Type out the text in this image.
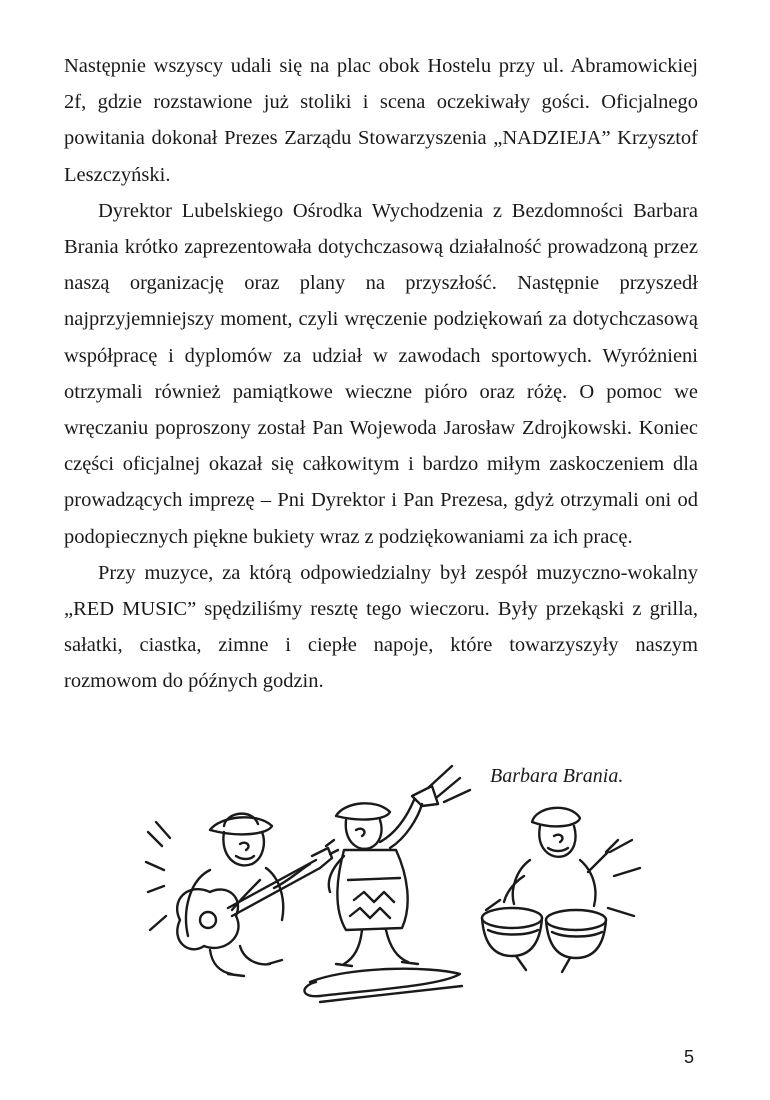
Następnie wszyscy udali się na plac obok Hostelu przy ul. Abramowickiej 2f, gdzie rozstawione już stoliki i scena oczekiwały gości. Oficjalnego powitania dokonał Prezes Zarządu Stowarzyszenia „NADZIEJA” Krzysztof Leszczyński.

Dyrektor Lubelskiego Ośrodka Wychodzenia z Bezdomności Barbara Brania krótko zaprezentowała dotychczasową działalność prowadzoną przez naszą organizację oraz plany na przyszłość. Następnie przyszedł najprzyjemniejszy moment, czyli wręczenie podziękowań za dotychczasową współpracę i dyplomów za udział w zawodach sportowych. Wyróżnieni otrzymali również pamiątkowe wieczne pióro oraz różę. O pomoc we wręczaniu poproszony został Pan Wojewoda Jarosław Zdrojkowski. Koniec części oficjalnej okazał się całkowitym i bardzo miłym zaskoczeniem dla prowadzących imprezę – Pni Dyrektor i Pan Prezesa, gdyż otrzymali oni od podopiecznych piękne bukiety wraz z podziękowaniami za ich pracę.

Przy muzyce, za którą odpowiedzialny był zespół muzyczno-wokalny „RED MUSIC” spędziliśmy resztę tego wieczoru. Były przekąski z grilla, sałatki, ciastka, zimne i ciepłe napoje, które towarzyszyły naszym rozmowom do późnych godzin.

Barbara Brania.
5
